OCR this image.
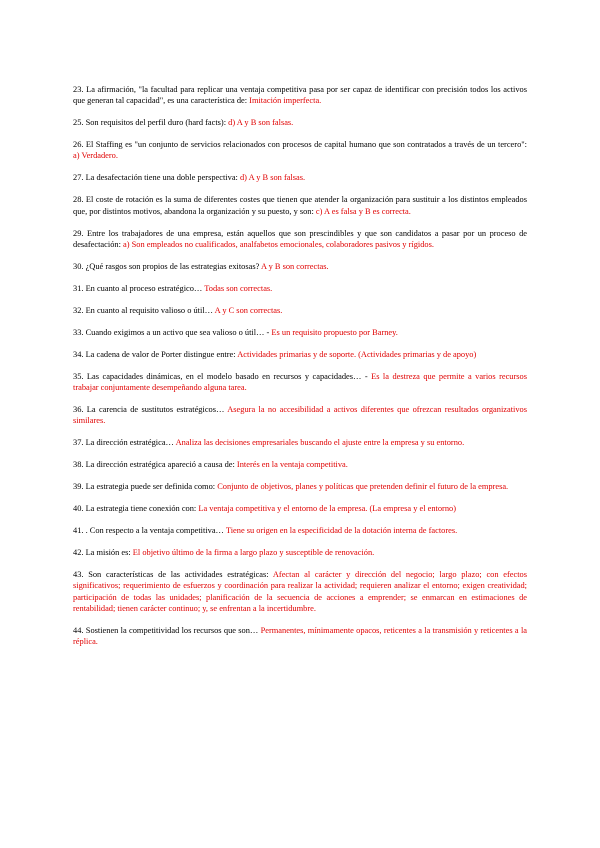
23. La afirmación, "la facultad para replicar una ventaja competitiva pasa por ser capaz de identificar con precisión todos los activos que generan tal capacidad", es una característica de: Imitación imperfecta.

25. Son requisitos del perfil duro (hard facts): d) A y B son falsas.

26. El Staffing es "un conjunto de servicios relacionados con procesos de capital humano que son contratados a través de un tercero": a) Verdadero.

27. La desafectación tiene una doble perspectiva: d) A y B son falsas.

28. El coste de rotación es la suma de diferentes costes que tienen que atender la organización para sustituir a los distintos empleados que, por distintos motivos, abandona la organización y su puesto, y son: c) A es falsa y B es correcta.

29. Entre los trabajadores de una empresa, están aquellos que son prescindibles y que son candidatos a pasar por un proceso de desafectación: a) Son empleados no cualificados, analfabetos emocionales, colaboradores pasivos y rígidos.

30. ¿Qué rasgos son propios de las estrategias exitosas? A y B son correctas.

31. En cuanto al proceso estratégico… Todas son correctas.

32. En cuanto al requisito valioso o útil… A y C son correctas.

33. Cuando exigimos a un activo que sea valioso o útil… - Es un requisito propuesto por Barney.

34. La cadena de valor de Porter distingue entre: Actividades primarias y de soporte. (Actividades primarias y de apoyo)

35. Las capacidades dinámicas, en el modelo basado en recursos y capacidades… - Es la destreza que permite a varios recursos trabajar conjuntamente desempeñando alguna tarea.

36. La carencia de sustitutos estratégicos… Asegura la no accesibilidad a activos diferentes que ofrezcan resultados organizativos similares.

37. La dirección estratégica… Analiza las decisiones empresariales buscando el ajuste entre la empresa y su entorno.

38. La dirección estratégica apareció a causa de: Interés en la ventaja competitiva.

39. La estrategia puede ser definida como: Conjunto de objetivos, planes y políticas que pretenden definir el futuro de la empresa.

40. La estrategia tiene conexión con: La ventaja competitiva y el entorno de la empresa. (La empresa y el entorno)

41. . Con respecto a la ventaja competitiva… Tiene su origen en la especificidad de la dotación interna de factores.

42. La misión es: El objetivo último de la firma a largo plazo y susceptible de renovación.

43. Son características de las actividades estratégicas: Afectan al carácter y dirección del negocio; largo plazo; con efectos significativos; requerimiento de esfuerzos y coordinación para realizar la actividad; requieren analizar el entorno; exigen creatividad; participación de todas las unidades; planificación de la secuencia de acciones a emprender; se enmarcan en estimaciones de rentabilidad; tienen carácter continuo; y, se enfrentan a la incertidumbre.

44. Sostienen la competitividad los recursos que son… Permanentes, mínimamente opacos, reticentes a la transmisión y reticentes a la réplica.
